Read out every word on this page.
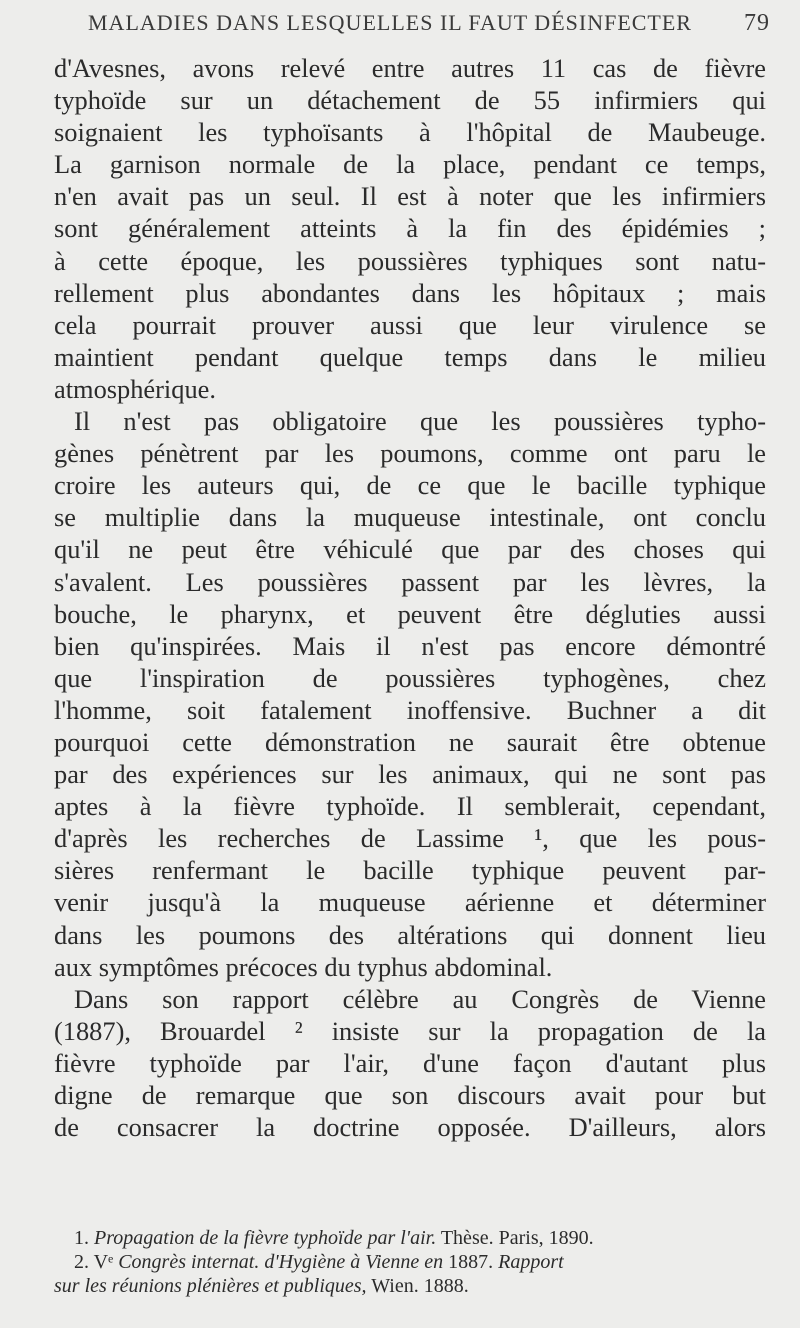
MALADIES DANS LESQUELLES IL FAUT DÉSINFECTER 79
d'Avesnes, avons relevé entre autres 11 cas de fièvre
typhoïde sur un détachement de 55 infirmiers qui
soignaient les typhoïsants à l'hôpital de Maubeuge.
La garnison normale de la place, pendant ce temps,
n'en avait pas un seul. Il est à noter que les infirmiers
sont généralement atteints à la fin des épidémies ;
à cette époque, les poussières typhiques sont natu-
rellement plus abondantes dans les hôpitaux ; mais
cela pourrait prouver aussi que leur virulence se
maintient pendant quelque temps dans le milieu
atmosphérique.
Il n'est pas obligatoire que les poussières typho-
gènes pénètrent par les poumons, comme ont paru le
croire les auteurs qui, de ce que le bacille typhique
se multiplie dans la muqueuse intestinale, ont conclu
qu'il ne peut être véhiculé que par des choses qui
s'avalent. Les poussières passent par les lèvres, la
bouche, le pharynx, et peuvent être dégluties aussi
bien qu'inspirées. Mais il n'est pas encore démontré
que l'inspiration de poussières typhogènes, chez
l'homme, soit fatalement inoffensive. Buchner a dit
pourquoi cette démonstration ne saurait être obtenue
par des expériences sur les animaux, qui ne sont pas
aptes à la fièvre typhoïde. Il semblerait, cependant,
d'après les recherches de Lassime ¹, que les pous-
sières renfermant le bacille typhique peuvent par-
venir jusqu'à la muqueuse aérienne et déterminer
dans les poumons des altérations qui donnent lieu
aux symptômes précoces du typhus abdominal.
Dans son rapport célèbre au Congrès de Vienne
(1887), Brouardel ² insiste sur la propagation de la
fièvre typhoïde par l'air, d'une façon d'autant plus
digne de remarque que son discours avait pour but
de consacrer la doctrine opposée. D'ailleurs, alors
1. Propagation de la fièvre typhoïde par l'air. Thèse. Paris, 1890.
2. Vᵉ Congrès internat. d'Hygiène à Vienne en 1887. Rapport
sur les réunions plénières et publiques, Wien. 1888.
